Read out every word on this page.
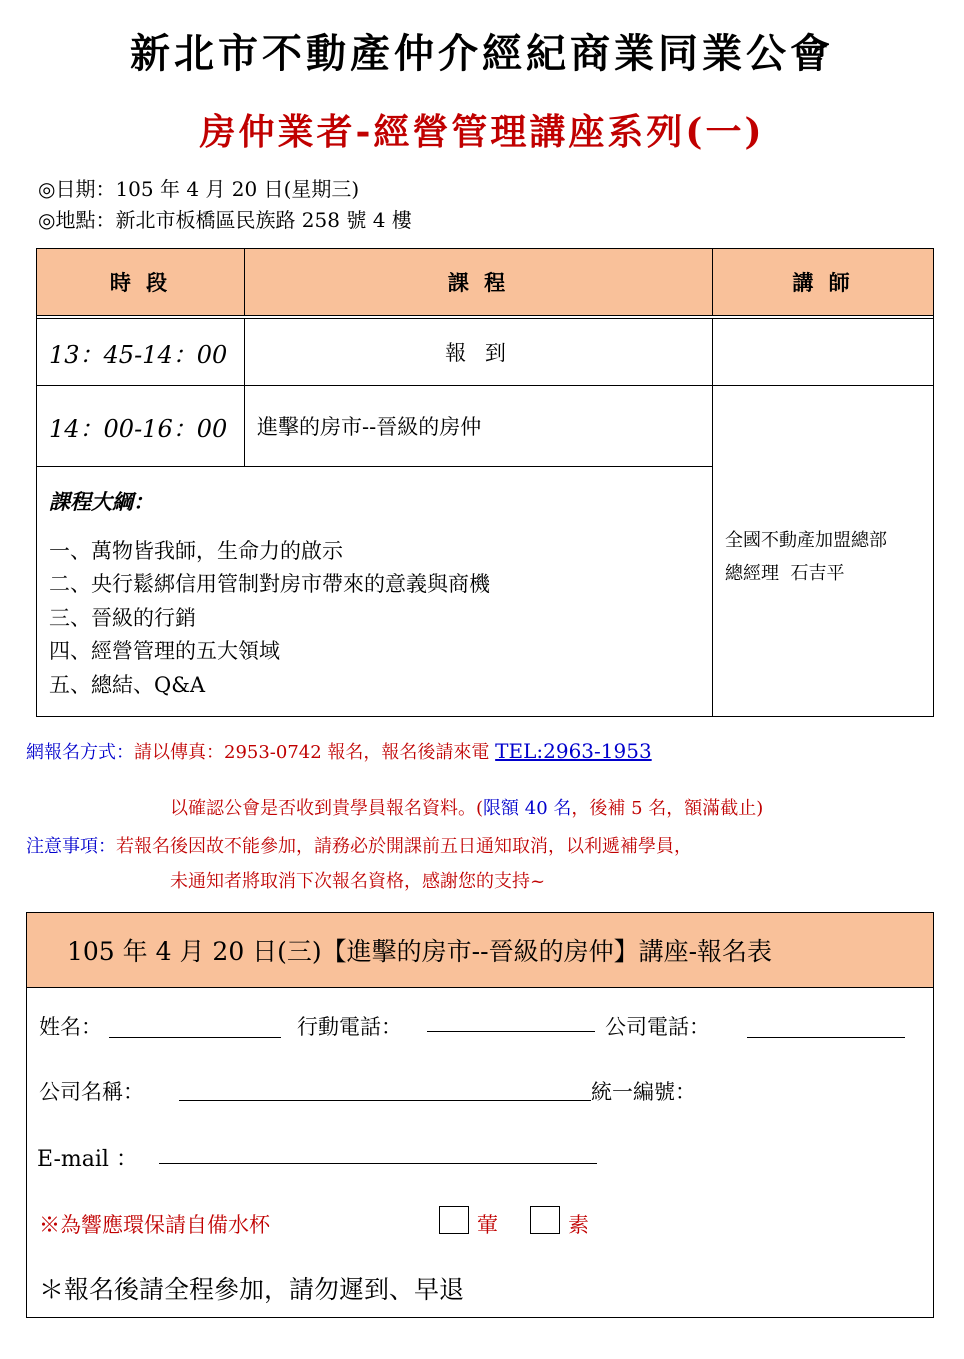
新北市不動產仲介經紀商業同業公會
房仲業者-經營管理講座系列(一)
◎日期：105 年 4 月 20 日(星期三)
◎地點：新北市板橋區民族路 258 號 4 樓
時 段	課 程	講 師
13：45-14：00	報 到
14：00-16：00	進擊的房市--晉級的房仲
課程大綱：
一、萬物皆我師，生命力的啟示
二、央行鬆綁信用管制對房市帶來的意義與商機
三、晉級的行銷
四、經營管理的五大領域
五、總結、Q&A
全國不動產加盟總部
總經理  石吉平
網報名方式：請以傳真：2953-0742 報名，報名後請來電 TEL:2963-1953
以確認公會是否收到貴學員報名資料。(限額 40 名，後補 5 名，額滿截止)
注意事項：若報名後因故不能參加，請務必於開課前五日通知取消，以利遞補學員，
未通知者將取消下次報名資格，感謝您的支持~
105 年 4 月 20 日(三)【進擊的房市--晉級的房仲】講座-報名表
姓名：	行動電話：	公司電話：
公司名稱：	統一編號：
E-mail ：
※為響應環保請自備水杯	葷	素
＊報名後請全程參加，請勿遲到、早退
